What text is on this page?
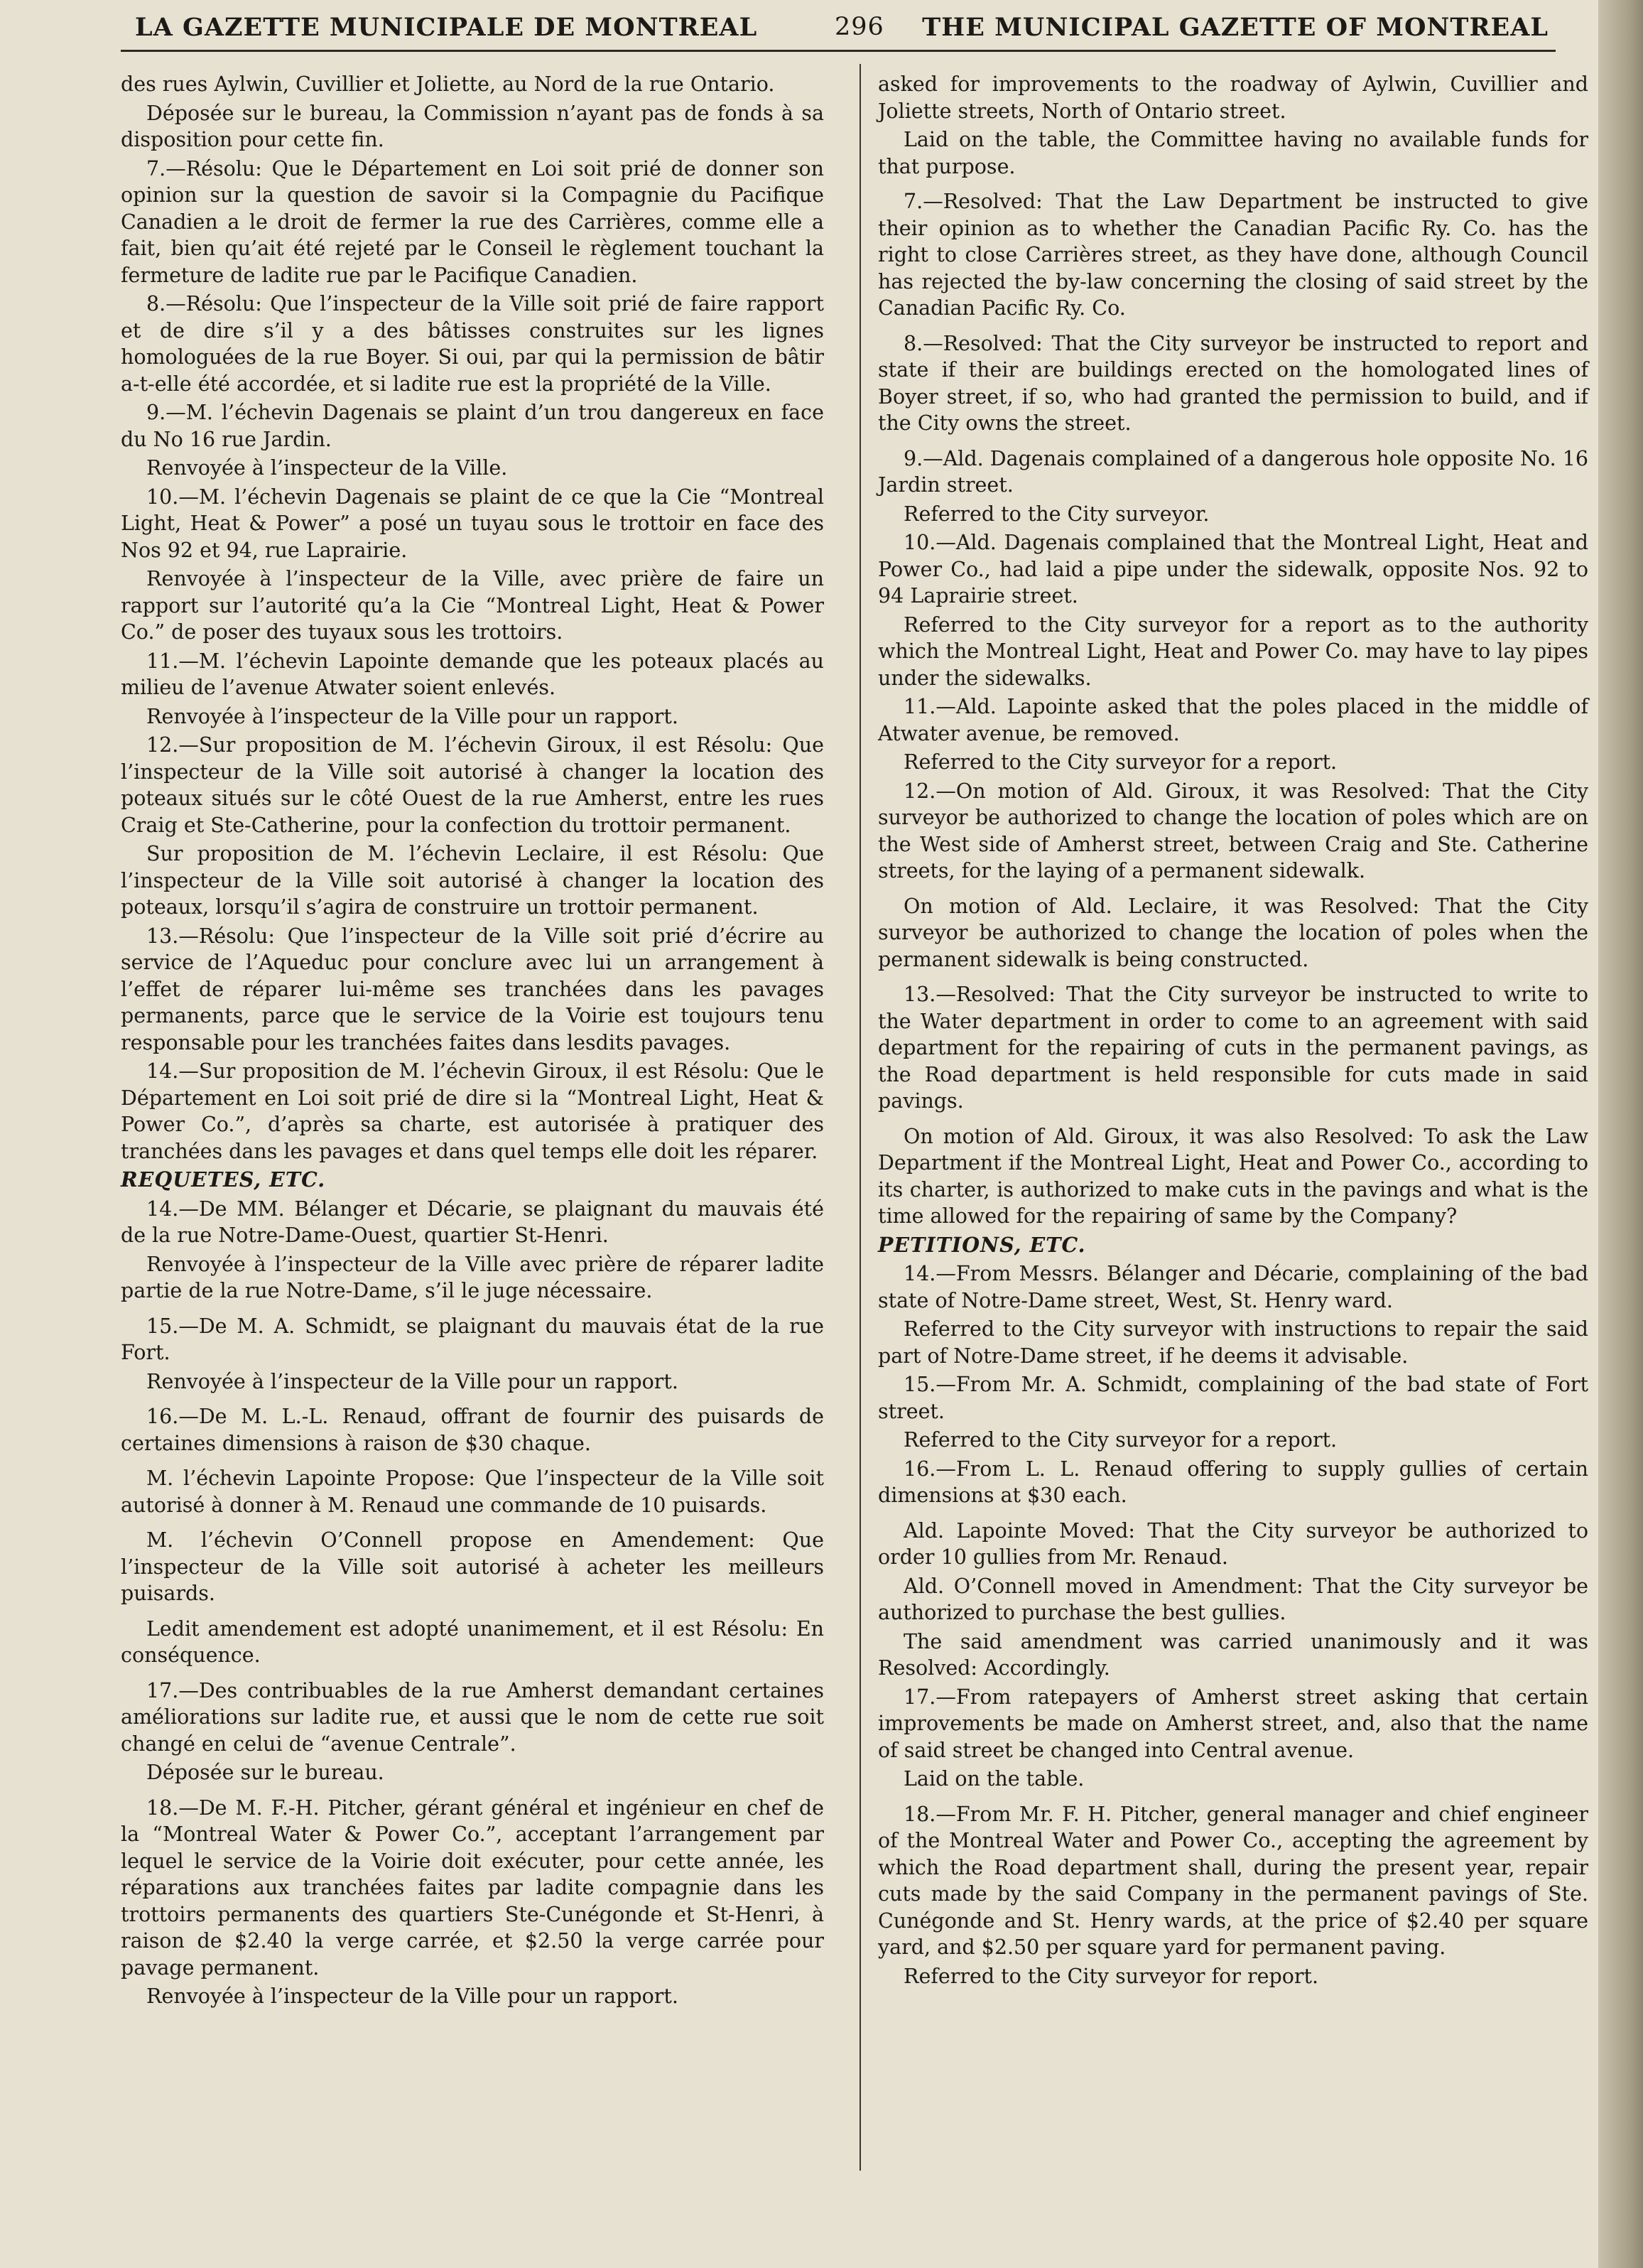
LA GAZETTE MUNICIPALE DE MONTREAL	296 THE MUNICIPAL GAZETTE OF MONTREAL

des rues Aylwin, Cuvillier et Joliette, au Nord de la rue Ontario.

Déposée sur le bureau, la Commission n’ayant pas de fonds à sa disposition pour cette fin.

7.—Résolu: Que le Département en Loi soit prié de donner son opinion sur la question de savoir si la Compagnie du Pacifique Canadien a le droit de fermer la rue des Carrières, comme elle a fait, bien qu’ait été rejeté par le Conseil le règlement touchant la fermeture de ladite rue par le Pacifique Canadien.

8.—Résolu: Que l’inspecteur de la Ville soit prié de faire rapport et de dire s’il y a des bâtisses construites sur les lignes homologuées de la rue Boyer. Si oui, par qui la permission de bâtir a-t-elle été accordée, et si ladite rue est la propriété de la Ville.

9.—M. l’échevin Dagenais se plaint d’un trou dangereux en face du No 16 rue Jardin.

Renvoyée à l’inspecteur de la Ville.

10.—M. l’échevin Dagenais se plaint de ce que la Cie “Montreal Light, Heat & Power” a posé un tuyau sous le trottoir en face des Nos 92 et 94, rue Laprairie.

Renvoyée à l’inspecteur de la Ville, avec prière de faire un rapport sur l’autorité qu’a la Cie “Montreal Light, Heat & Power Co.” de poser des tuyaux sous les trottoirs.

11.—M. l’échevin Lapointe demande que les poteaux placés au milieu de l’avenue Atwater soient enlevés.

Renvoyée à l’inspecteur de la Ville pour un rapport.

12.—Sur proposition de M. l’échevin Giroux, il est Résolu: Que l’inspecteur de la Ville soit autorisé à changer la location des poteaux situés sur le côté Ouest de la rue Amherst, entre les rues Craig et Ste-Catherine, pour la confection du trottoir permanent.

Sur proposition de M. l’échevin Leclaire, il est Résolu: Que l’inspecteur de la Ville soit autorisé à changer la location des poteaux, lorsqu’il s’agira de construire un trottoir permanent.

13.—Résolu: Que l’inspecteur de la Ville soit prié d’écrire au service de l’Aqueduc pour conclure avec lui un arrangement à l’effet de réparer lui-même ses tranchées dans les pavages permanents, parce que le service de la Voirie est toujours tenu responsable pour les tranchées faites dans lesdits pavages.

14.—Sur proposition de M. l’échevin Giroux, il est Résolu: Que le Département en Loi soit prié de dire si la “Montreal Light, Heat & Power Co.”, d’après sa charte, est autorisée à pratiquer des tranchées dans les pavages et dans quel temps elle doit les réparer.

REQUETES, ETC.

14.—De MM. Bélanger et Décarie, se plaignant du mauvais été de la rue Notre-Dame-Ouest, quartier St-Henri.

Renvoyée à l’inspecteur de la Ville avec prière de réparer ladite partie de la rue Notre-Dame, s’il le juge nécessaire.

15.—De M. A. Schmidt, se plaignant du mauvais état de la rue Fort.

Renvoyée à l’inspecteur de la Ville pour un rapport.

16.—De M. L.-L. Renaud, offrant de fournir des puisards de certaines dimensions à raison de $30 chaque.

M. l’échevin Lapointe Propose: Que l’inspecteur de la Ville soit autorisé à donner à M. Renaud une commande de 10 puisards.

M. l’échevin O’Connell propose en Amendement: Que l’inspecteur de la Ville soit autorisé à acheter les meilleurs puisards.

Ledit amendement est adopté unanimement, et il est Résolu: En conséquence.

17.—Des contribuables de la rue Amherst demandant certaines améliorations sur ladite rue, et aussi que le nom de cette rue soit changé en celui de “avenue Centrale”.

Déposée sur le bureau.

18.—De M. F.-H. Pitcher, gérant général et ingénieur en chef de la “Montreal Water & Power Co.”, acceptant l’arrangement par lequel le service de la Voirie doit exécuter, pour cette année, les réparations aux tranchées faites par ladite compagnie dans les trottoirs permanents des quartiers Ste-Cunégonde et St-Henri, à raison de $2.40 la verge carrée, et $2.50 la verge carrée pour pavage permanent.

Renvoyée à l’inspecteur de la Ville pour un rapport.

asked for improvements to the roadway of Aylwin, Cuvillier and Joliette streets, North of Ontario street.

Laid on the table, the Committee having no available funds for that purpose.

7.—Resolved: That the Law Department be instructed to give their opinion as to whether the Canadian Pacific Ry. Co. has the right to close Carrières street, as they have done, although Council has rejected the by-law concerning the closing of said street by the Canadian Pacific Ry. Co.

8.—Resolved: That the City surveyor be instructed to report and state if their are buildings erected on the homologated lines of Boyer street, if so, who had granted the permission to build, and if the City owns the street.

9.—Ald. Dagenais complained of a dangerous hole opposite No. 16 Jardin street.

Referred to the City surveyor.

10.—Ald. Dagenais complained that the Montreal Light, Heat and Power Co., had laid a pipe under the sidewalk, opposite Nos. 92 to 94 Laprairie street.

Referred to the City surveyor for a report as to the authority which the Montreal Light, Heat and Power Co. may have to lay pipes under the sidewalks.

11.—Ald. Lapointe asked that the poles placed in the middle of Atwater avenue, be removed.

Referred to the City surveyor for a report.

12.—On motion of Ald. Giroux, it was Resolved: That the City surveyor be authorized to change the location of poles which are on the West side of Amherst street, between Craig and Ste. Catherine streets, for the laying of a permanent sidewalk.

On motion of Ald. Leclaire, it was Resolved: That the City surveyor be authorized to change the location of poles when the permanent sidewalk is being constructed.

13.—Resolved: That the City surveyor be instructed to write to the Water department in order to come to an agreement with said department for the repairing of cuts in the permanent pavings, as the Road department is held responsible for cuts made in said pavings.

On motion of Ald. Giroux, it was also Resolved: To ask the Law Department if the Montreal Light, Heat and Power Co., according to its charter, is authorized to make cuts in the pavings and what is the time allowed for the repairing of same by the Company?

PETITIONS, ETC.

14.—From Messrs. Bélanger and Décarie, complaining of the bad state of Notre-Dame street, West, St. Henry ward.

Referred to the City surveyor with instructions to repair the said part of Notre-Dame street, if he deems it advisable.

15.—From Mr. A. Schmidt, complaining of the bad state of Fort street.

Referred to the City surveyor for a report.

16.—From L. L. Renaud offering to supply gullies of certain dimensions at $30 each.

Ald. Lapointe Moved: That the City surveyor be authorized to order 10 gullies from Mr. Renaud.

Ald. O’Connell moved in Amendment: That the City surveyor be authorized to purchase the best gullies.

The said amendment was carried unanimously and it was Resolved: Accordingly.

17.—From ratepayers of Amherst street asking that certain improvements be made on Amherst street, and, also that the name of said street be changed into Central avenue.

Laid on the table.

18.—From Mr. F. H. Pitcher, general manager and chief engineer of the Montreal Water and Power Co., accepting the agreement by which the Road department shall, during the present year, repair cuts made by the said Company in the permanent pavings of Ste. Cunégonde and St. Henry wards, at the price of $2.40 per square yard, and $2.50 per square yard for permanent paving.

Referred to the City surveyor for report.
